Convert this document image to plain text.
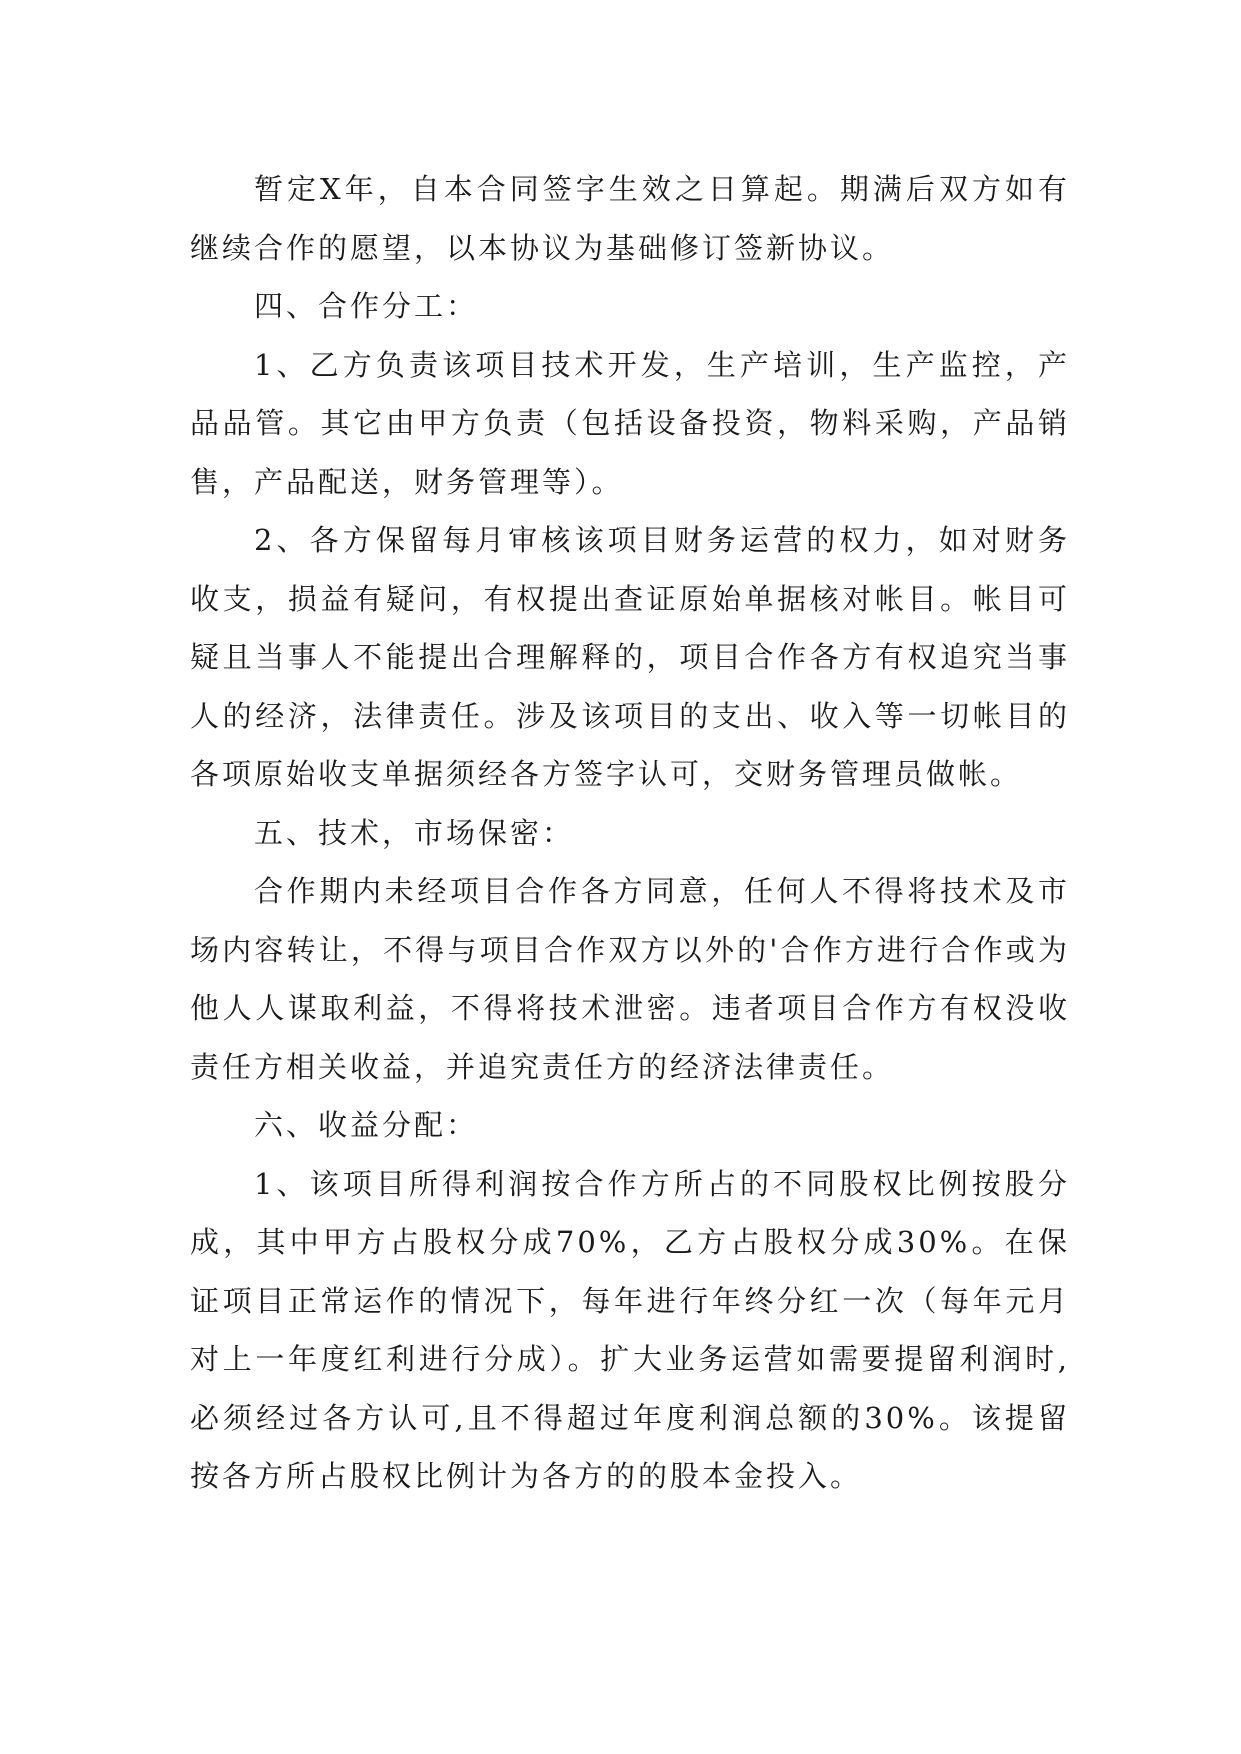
暂定X年，自本合同签字生效之日算起。期满后双方如有继续合作的愿望，以本协议为基础修订签新协议。

四、合作分工：

1、乙方负责该项目技术开发，生产培训，生产监控，产品品管。其它由甲方负责（包括设备投资，物料采购，产品销售，产品配送，财务管理等）。

2、各方保留每月审核该项目财务运营的权力，如对财务收支，损益有疑问，有权提出查证原始单据核对帐目。帐目可疑且当事人不能提出合理解释的，项目合作各方有权追究当事人的经济，法律责任。涉及该项目的支出、收入等一切帐目的各项原始收支单据须经各方签字认可，交财务管理员做帐。

五、技术，市场保密：

合作期内未经项目合作各方同意，任何人不得将技术及市场内容转让，不得与项目合作双方以外的'合作方进行合作或为他人人谋取利益，不得将技术泄密。违者项目合作方有权没收责任方相关收益，并追究责任方的经济法律责任。

六、收益分配：

1、该项目所得利润按合作方所占的不同股权比例按股分成，其中甲方占股权分成70%，乙方占股权分成30%。在保证项目正常运作的情况下，每年进行年终分红一次（每年元月对上一年度红利进行分成）。扩大业务运营如需要提留利润时,必须经过各方认可,且不得超过年度利润总额的30%。该提留按各方所占股权比例计为各方的的股本金投入。
